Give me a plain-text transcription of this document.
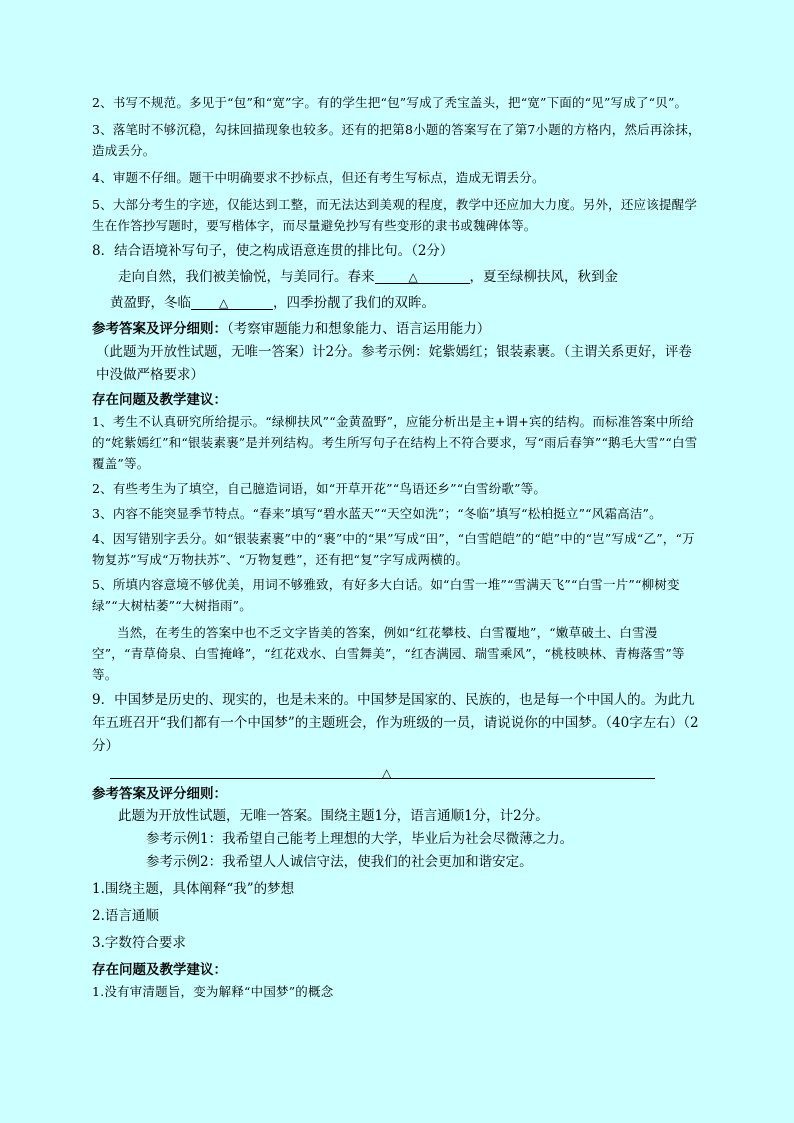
2、书写不规范。多见于“包”和“宽”字。有的学生把“包”写成了秃宝盖头，把“宽”下面的“见”写成了“贝”。

3、落笔时不够沉稳，勾抹回描现象也较多。还有的把第8小题的答案写在了第7小题的方格内，然后再涂抹，造成丢分。

4、审题不仔细。题干中明确要求不抄标点，但还有考生写标点，造成无谓丢分。

5、大部分考生的字迹，仅能达到工整，而无法达到美观的程度，教学中还应加大力度。另外，还应该提醒学生在作答抄写题时，要写楷体字，而尽量避免抄写有些变形的隶书或魏碑体等。

8．结合语境补写句子，使之构成语意连贯的排比句。（2分）

走向自然，我们被美愉悦，与美同行。春来	△	，夏至绿柳扶风，秋到金

黄盈野，冬临 △	，四季扮靓了我们的双眸。

参考答案及评分细则：（考察审题能力和想象能力、语言运用能力）

（此题为开放性试题，无唯一答案）计2分。参考示例：姹紫嫣红；银装素裹。（主谓关系更好，评卷中没做严格要求）

存在问题及教学建议：

1、考生不认真研究所给提示。“绿柳扶风”“金黄盈野”，应能分析出是主+谓+宾的结构。而标准答案中所给的“姹紫嫣红”和“银装素裹”是并列结构。考生所写句子在结构上不符合要求，写“雨后春笋”“鹅毛大雪”“白雪覆盖”等。

2、有些考生为了填空，自己臆造词语，如“开草开花”“鸟语还乡”“白雪纷歌”等。

3、内容不能突显季节特点。“春来”填写“碧水蓝天”“天空如洗”；“冬临”填写“松柏挺立”“风霜高洁”。

4、因写错别字丢分。如“银装素裹”中的“裹”中的“果”写成“田”，“白雪皑皑”的“皑”中的“岂”写成“乙”，“万物复苏”写成“万物扶苏”、“万物复甦”，还有把“复”字写成两横的。

5、所填内容意境不够优美，用词不够雅致，有好多大白话。如“白雪一堆”“雪满天飞”“白雪一片”“柳树变绿”“大树枯萎”“大树指雨”。

当然，在考生的答案中也不乏文字皆美的答案，例如“红花攀枝、白雪覆地”，“嫩草破土、白雪漫空”，“青草倚泉、白雪掩峰”，“红花戏水、白雪舞美”，“红杏满园、瑞雪乘风”，“桃枝映林、青梅落雪”等等。

9．中国梦是历史的、现实的，也是未来的。中国梦是国家的、民族的，也是每一个中国人的。为此九年五班召开“我们都有一个中国梦”的主题班会，作为班级的一员，请说说你的中国梦。（40字左右）（2分）

△

参考答案及评分细则：

此题为开放性试题，无唯一答案。围绕主题1分，语言通顺1分，计2分。

参考示例1：我希望自己能考上理想的大学，毕业后为社会尽微薄之力。

参考示例2：我希望人人诚信守法，使我们的社会更加和谐安定。

1.围绕主题，具体阐释“我”的梦想

2.语言通顺

3.字数符合要求

存在问题及教学建议：

1.没有审清题旨，变为解释“中国梦”的概念
